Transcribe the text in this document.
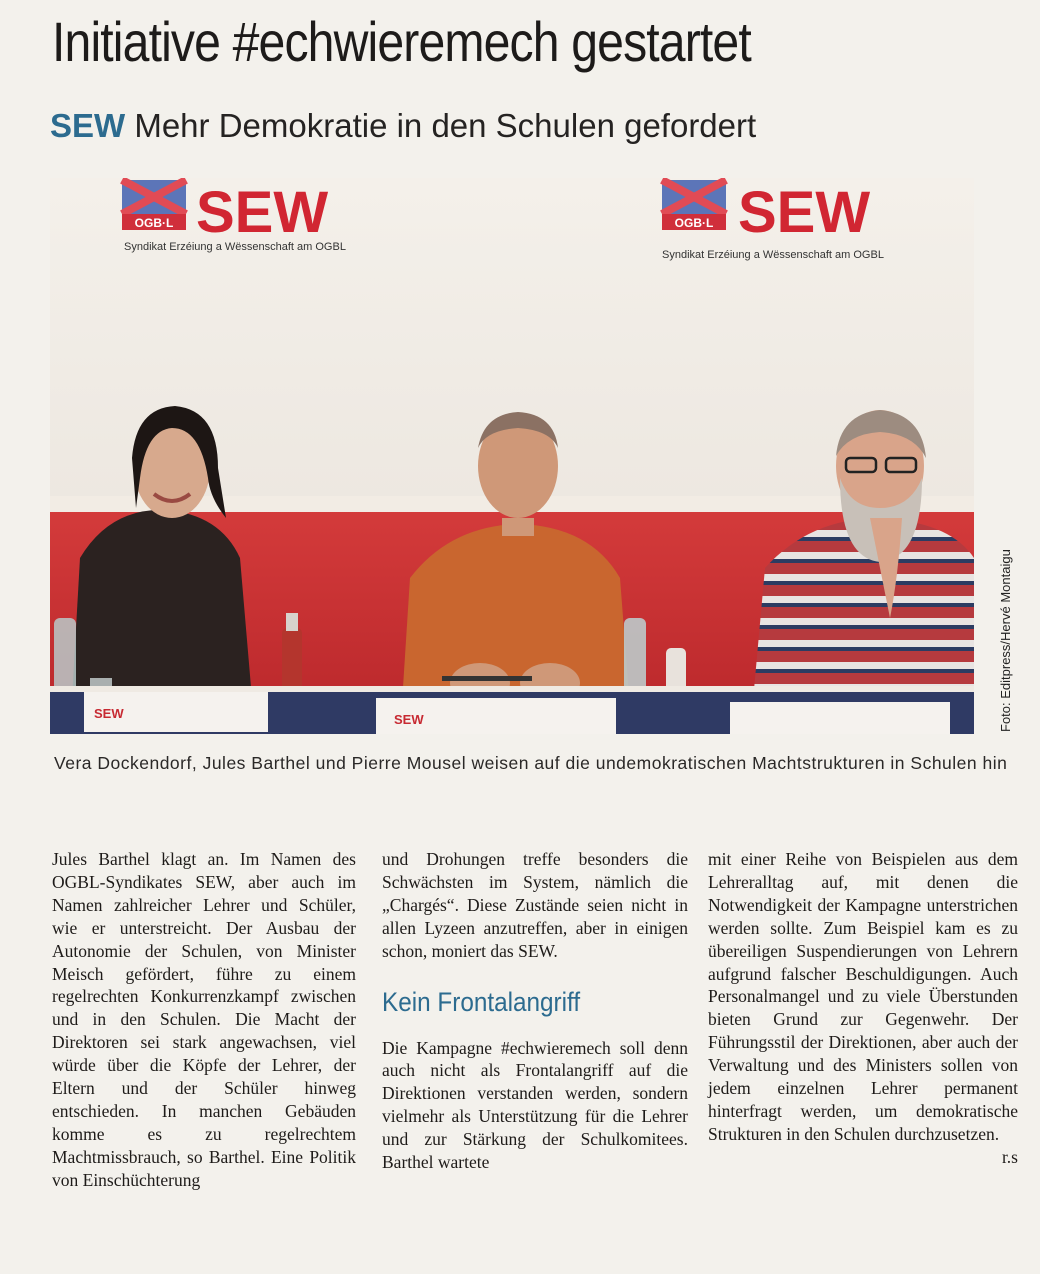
Initiative #echwieremech gestartet
SEW Mehr Demokratie in den Schulen gefordert
OGB·L SEW
Syndikat Erzéiung a Wëssenschaft am OGBL
OGB·L SEW
Syndikat Erzéiung a Wëssenschaft am OGBL
SEW	SEW	Foto: Editpress/Hervé Montaigu
Vera Dockendorf, Jules Barthel und Pierre Mousel weisen auf die undemokratischen Machtstrukturen in Schulen hin

Jules Barthel klagt an. Im Namen des OGBL-Syndikates SEW, aber auch im Namen zahlreicher Lehrer und Schüler, wie er unterstreicht. Der Ausbau der Autonomie der Schulen, von Minister Meisch gefördert, führe zu einem regelrechten Konkurrenzkampf zwischen und in den Schulen. Die Macht der Direktoren sei stark angewachsen, viel würde über die Köpfe der Lehrer, der Eltern und der Schüler hinweg entschieden. In manchen Gebäuden komme es zu regelrechtem Machtmissbrauch, so Barthel. Eine Politik von Einschüchterung

und Drohungen treffe besonders die Schwächsten im System, nämlich die „Chargés“. Diese Zustände seien nicht in allen Lyzeen anzutreffen, aber in einigen schon, moniert das SEW.

Kein Frontalangriff

Die Kampagne #echwieremech soll denn auch nicht als Frontalangriff auf die Direktionen verstanden werden, sondern vielmehr als Unterstützung für die Lehrer und zur Stärkung der Schulkomitees. Barthel wartete

mit einer Reihe von Beispielen aus dem Lehreralltag auf, mit denen die Notwendigkeit der Kampagne unterstrichen werden sollte. Zum Beispiel kam es zu übereiligen Suspendierungen von Lehrern aufgrund falscher Beschuldigungen. Auch Personalmangel und zu viele Überstunden bieten Grund zur Gegenwehr. Der Führungsstil der Direktionen, aber auch der Verwaltung und des Ministers sollen von jedem einzelnen Lehrer permanent hinterfragt werden, um demokratische Strukturen in den Schulen durchzusetzen.

r.s
